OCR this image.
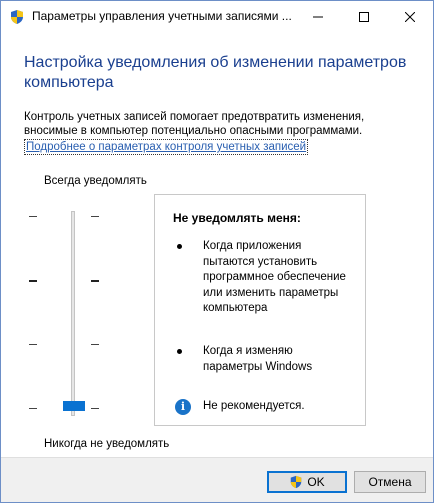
Параметры управления учетными записями ...
Настройка уведомления об изменении параметров компьютера
Контроль учетных записей помогает предотвратить изменения, вносимые в компьютер потенциально опасными программами.
Подробнее о параметрах контроля учетных записей
Всегда уведомлять
Никогда не уведомлять
Не уведомлять меня:
Когда приложения пытаются установить программное обеспечение или изменить параметры компьютера
Когда я изменяю параметры Windows
i	Не рекомендуется.
OK	Отмена
